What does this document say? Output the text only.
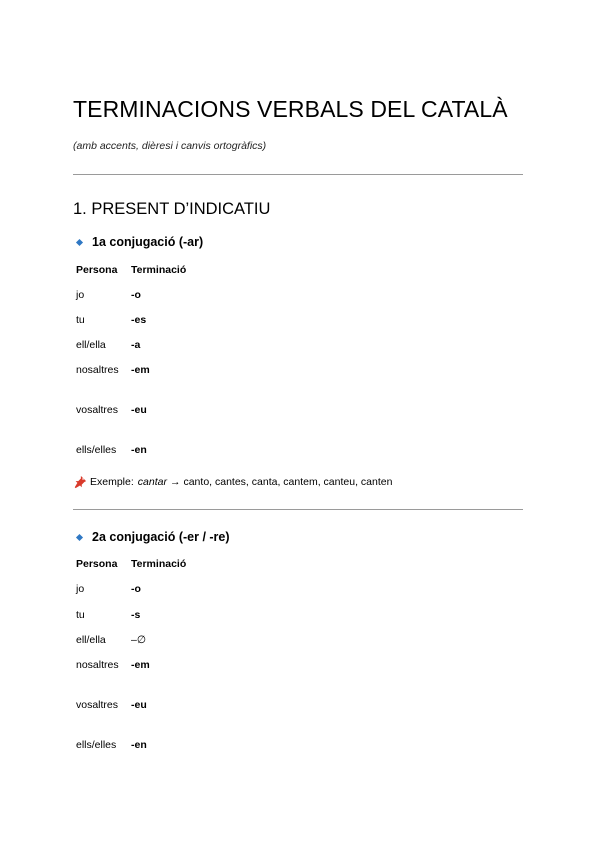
TERMINACIONS VERBALS DEL CATALÀ
(amb accents, dièresi i canvis ortogràfics)
1. PRESENT D’INDICATIU
1a conjugació (-ar)
Persona	Terminació
jo	-o
tu	-es
ell/ella	-a
nosaltres	-em
vosaltres	-eu
ells/elles	-en
Exemple: cantar → canto, cantes, canta, cantem, canteu, canten
2a conjugació (-er / -re)
Persona	Terminació
jo	-o
tu	-s
ell/ella	–∅
nosaltres	-em
vosaltres	-eu
ells/elles	-en
